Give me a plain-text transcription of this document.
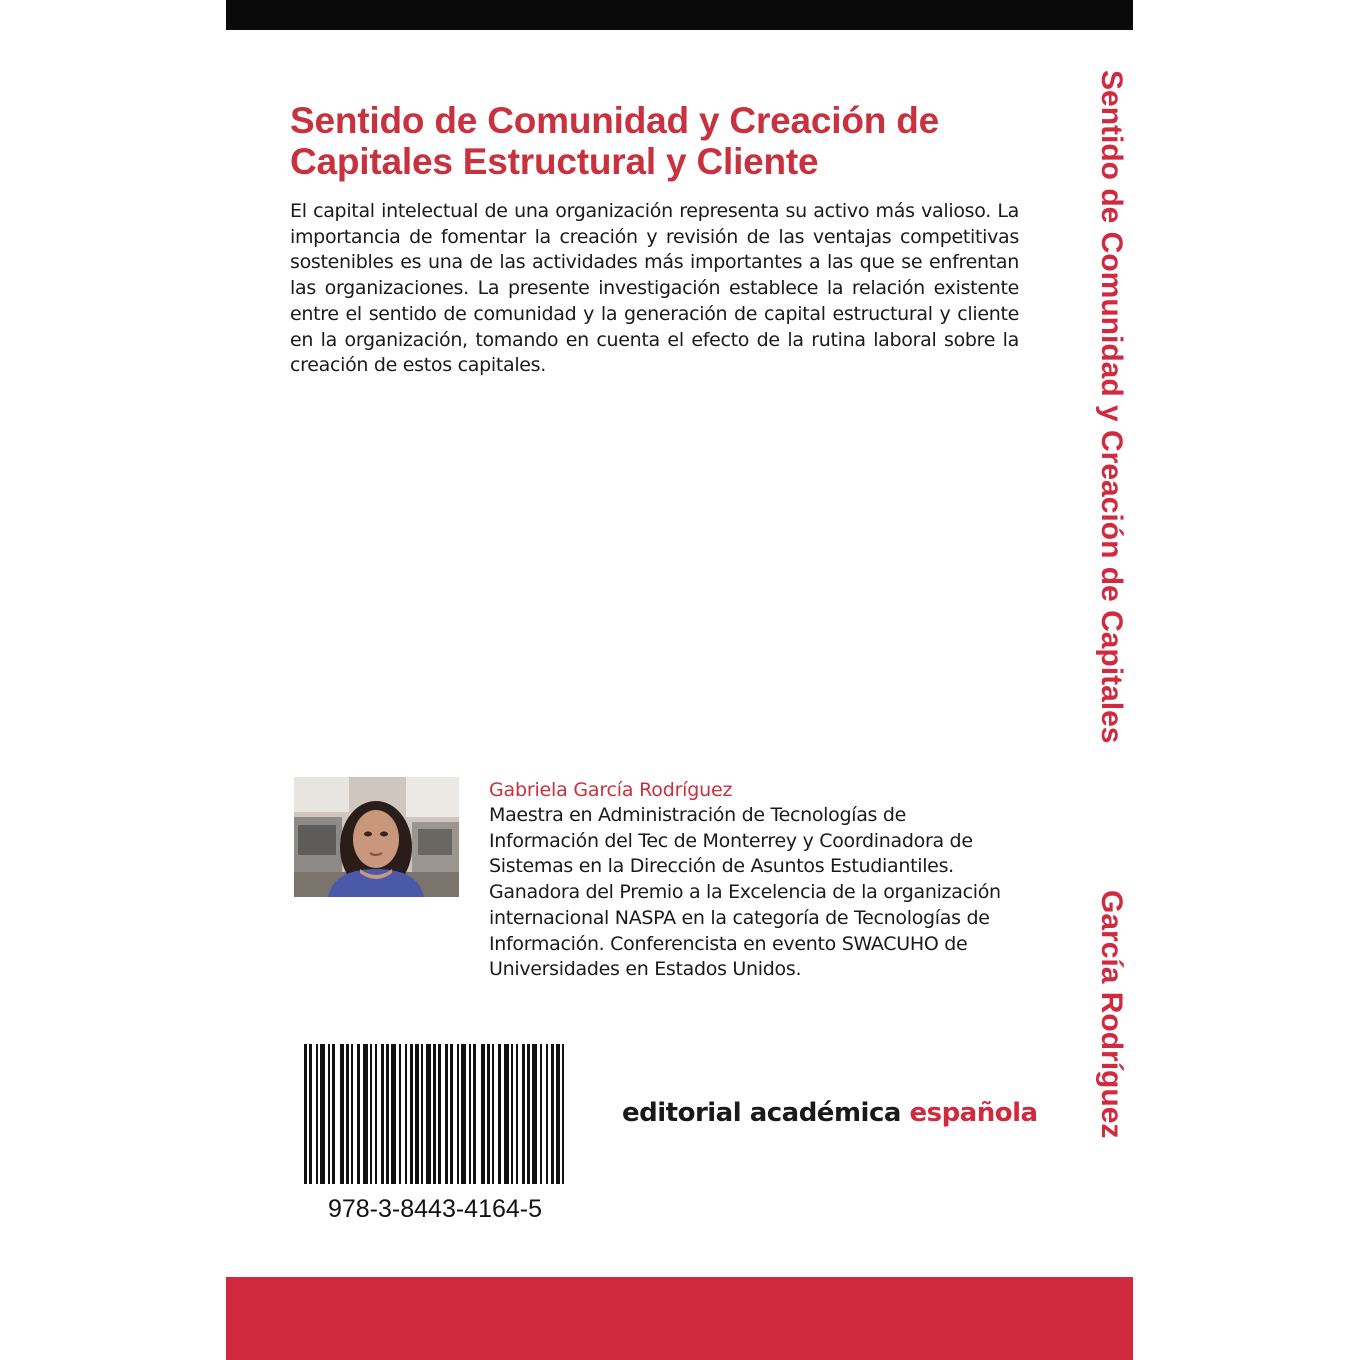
Sentido de Comunidad y Creación de Capitales Estructural y Cliente

El capital intelectual de una organización representa su activo más valioso. La importancia de fomentar la creación y revisión de las ventajas competitivas sostenibles es una de las actividades más importantes a las que se enfrentan las organizaciones. La presente investigación establece la relación existente entre el sentido de comunidad y la generación de capital estructural y cliente en la organización, tomando en cuenta el efecto de la rutina laboral sobre la creación de estos capitales.

Gabriela García Rodríguez

Maestra en Administración de Tecnologías de Información del Tec de Monterrey y Coordinadora de Sistemas en la Dirección de Asuntos Estudiantiles. Ganadora del Premio a la Excelencia de la organización internacional NASPA en la categoría de Tecnologías de Información. Conferencista en evento SWACUHO de Universidades en Estados Unidos.

978-3-8443-4164-5
editorial académica española
Sentido de Comunidad y Creación de Capitales
García Rodríguez
